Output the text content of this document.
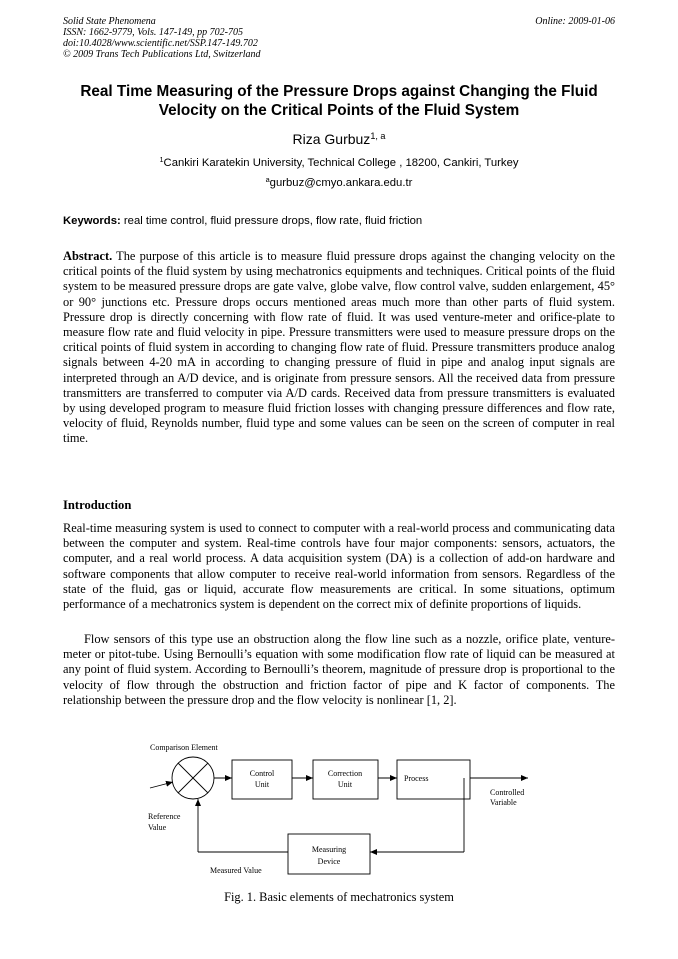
Solid State Phenomena
ISSN: 1662-9779, Vols. 147-149, pp 702-705
doi:10.4028/www.scientific.net/SSP.147-149.702
© 2009 Trans Tech Publications Ltd, Switzerland
Online: 2009-01-06
Real Time Measuring of the Pressure Drops against Changing the Fluid
Velocity on the Critical Points of the Fluid System
Riza Gurbuz$^{1, a}$
$^1$Cankiri Karatekin University, Technical College , 18200, Cankiri, Turkey
$^a$gurbuz@cmyo.ankara.edu.tr
Keywords: real time control, fluid pressure drops, flow rate, fluid friction

Abstract. The purpose of this article is to measure fluid pressure drops against the changing velocity on the critical points of the fluid system by using mechatronics equipments and techniques. Critical points of the fluid system to be measured pressure drops are gate valve, globe valve, flow control valve, sudden enlargement, 45° or 90° junctions etc. Pressure drops occurs mentioned areas much more than other parts of fluid system. Pressure drop is directly concerning with flow rate of fluid. It was used venture-meter and orifice-plate to measure flow rate and fluid velocity in pipe. Pressure transmitters were used to measure pressure drops on the critical points of fluid system in according to changing flow rate of fluid. Pressure transmitters produce analog signals between 4-20 mA in according to changing pressure of fluid in pipe and analog input signals are interpreted through an A/D device, and is originate from pressure sensors. All the received data from pressure transmitters are transferred to computer via A/D cards. Received data from pressure transmitters is evaluated by using developed program to measure fluid friction losses with changing pressure differences and flow rate, velocity of fluid, Reynolds number, fluid type and some values can be seen on the screen of computer in real time.

Introduction

Real-time measuring system is used to connect to computer with a real-world process and communicating data between the computer and system. Real-time controls have four major components: sensors, actuators, the computer, and a real world process. A data acquisition system (DA) is a collection of add-on hardware and software components that allow computer to receive real-world information from sensors. Regardless of the state of the fluid, gas or liquid, accurate flow measurements are critical. In some situations, optimum performance of a mechatronics system is dependent on the correct mix of definite proportions of liquids.

Flow sensors of this type use an obstruction along the flow line such as a nozzle, orifice plate, venture-meter or pitot-tube. Using Bernoulli’s equation with some modification flow rate of liquid can be measured at any point of fluid system. According to Bernoulli’s theorem, magnitude of pressure drop is proportional to the velocity of flow through the obstruction and friction factor of pipe and K factor of components. The relationship between the pressure drop and the flow velocity is nonlinear [1, 2].

Comparison Element
Control
Unit
Correction
Unit
Process
Controlled
Variable
Reference
Value
Measuring
Device
Measured Value
Fig. 1. Basic elements of mechatronics system
